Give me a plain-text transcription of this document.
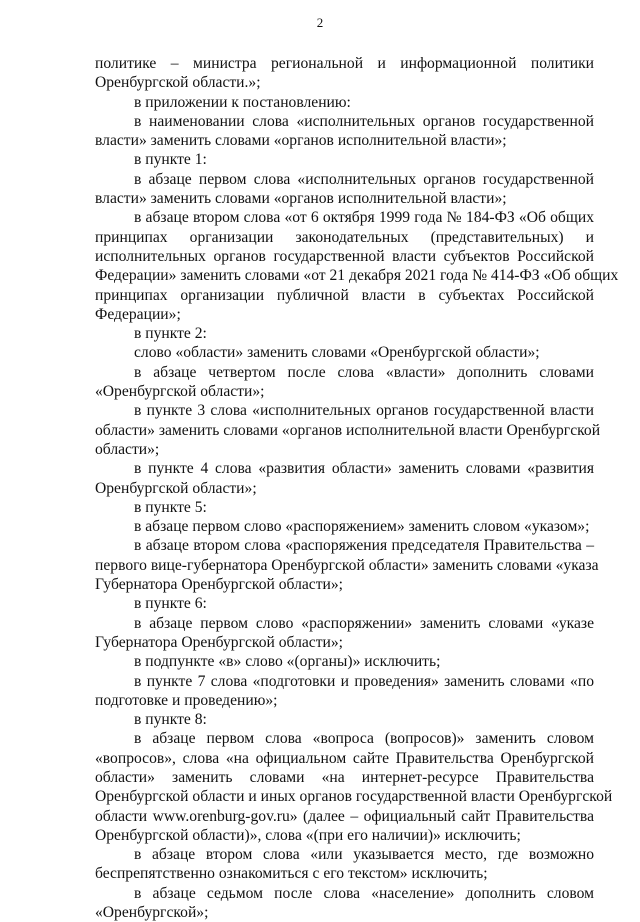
2
политике – министра региональной и информационной политики
Оренбургской области.»;
в приложении к постановлению:
в наименовании слова «исполнительных органов государственной
власти» заменить словами «органов исполнительной власти»;
в пункте 1:
в абзаце первом слова «исполнительных органов государственной
власти» заменить словами «органов исполнительной власти»;
в абзаце втором слова «от 6 октября 1999 года № 184-ФЗ «Об общих
принципах организации законодательных (представительных) и
исполнительных органов государственной власти субъектов Российской
Федерации» заменить словами «от 21 декабря 2021 года № 414-ФЗ «Об общих
принципах организации публичной власти в субъектах Российской
Федерации»;
в пункте 2:
слово «области» заменить словами «Оренбургской области»;
в абзаце четвертом после слова «власти» дополнить словами
«Оренбургской области»;
в пункте 3 слова «исполнительных органов государственной власти
области» заменить словами «органов исполнительной власти Оренбургской
области»;
в пункте 4 слова «развития области» заменить словами «развития
Оренбургской области»;
в пункте 5:
в абзаце первом слово «распоряжением» заменить словом «указом»;
в абзаце втором слова «распоряжения председателя Правительства –
первого вице-губернатора Оренбургской области» заменить словами «указа
Губернатора Оренбургской области»;
в пункте 6:
в абзаце первом слово «распоряжении» заменить словами «указе
Губернатора Оренбургской области»;
в подпункте «в» слово «(органы)» исключить;
в пункте 7 слова «подготовки и проведения» заменить словами «по
подготовке и проведению»;
в пункте 8:
в абзаце первом слова «вопроса (вопросов)» заменить словом
«вопросов», слова «на официальном сайте Правительства Оренбургской
области» заменить словами «на интернет-ресурсе Правительства
Оренбургской области и иных органов государственной власти Оренбургской
области www.orenburg-gov.ru» (далее – официальный сайт Правительства
Оренбургской области)», слова «(при его наличии)» исключить;
в абзаце втором слова «или указывается место, где возможно
беспрепятственно ознакомиться с его текстом» исключить;
в абзаце седьмом после слова «население» дополнить словом
«Оренбургской»;
